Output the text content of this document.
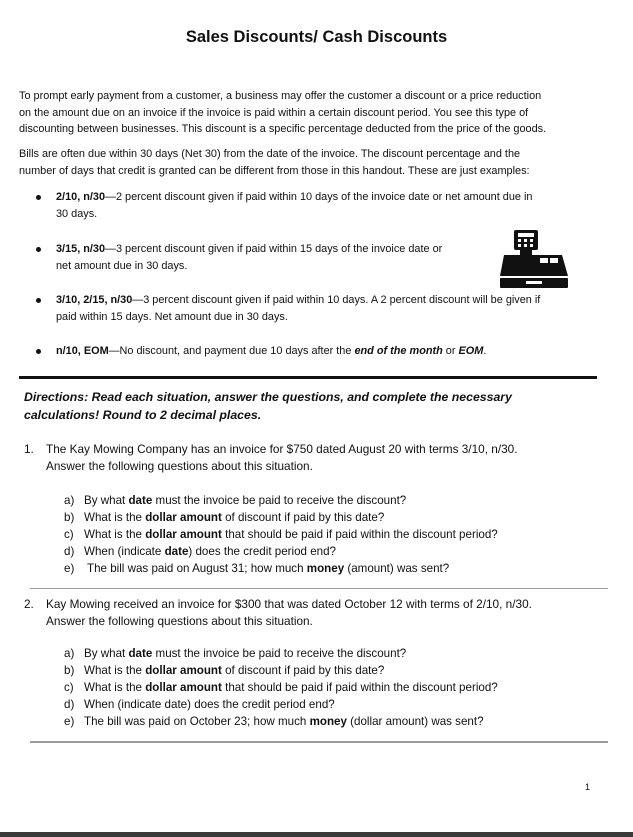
Sales Discounts/ Cash Discounts
To prompt early payment from a customer, a business may offer the customer a discount or a price reduction
on the amount due on an invoice if the invoice is paid within a certain discount period. You see this type of
discounting between businesses. This discount is a specific percentage deducted from the price of the goods.
Bills are often due within 30 days (Net 30) from the date of the invoice. The discount percentage and the
number of days that credit is granted can be different from those in this handout. These are just examples:
2/10, n/30—2 percent discount given if paid within 10 days of the invoice date or net amount due in
30 days.
3/15, n/30—3 percent discount given if paid within 15 days of the invoice date or
net amount due in 30 days.
3/10, 2/15, n/30—3 percent discount given if paid within 10 days. A 2 percent discount will be given if
paid within 15 days. Net amount due in 30 days.
n/10, EOM—No discount, and payment due 10 days after the end of the month or EOM.
Directions: Read each situation, answer the questions, and complete the necessary
calculations! Round to 2 decimal places.
1. The Kay Mowing Company has an invoice for $750 dated August 20 with terms 3/10, n/30.
Answer the following questions about this situation.
a) By what date must the invoice be paid to receive the discount?
b) What is the dollar amount of discount if paid by this date?
c) What is the dollar amount that should be paid if paid within the discount period?
d) When (indicate date) does the credit period end?
e) The bill was paid on August 31; how much money (amount) was sent?
2. Kay Mowing received an invoice for $300 that was dated October 12 with terms of 2/10, n/30.
Answer the following questions about this situation.
a) By what date must the invoice be paid to receive the discount?
b) What is the dollar amount of discount if paid by this date?
c) What is the dollar amount that should be paid if paid within the discount period?
d) When (indicate date) does the credit period end?
e) The bill was paid on October 23; how much money (dollar amount) was sent?
1
